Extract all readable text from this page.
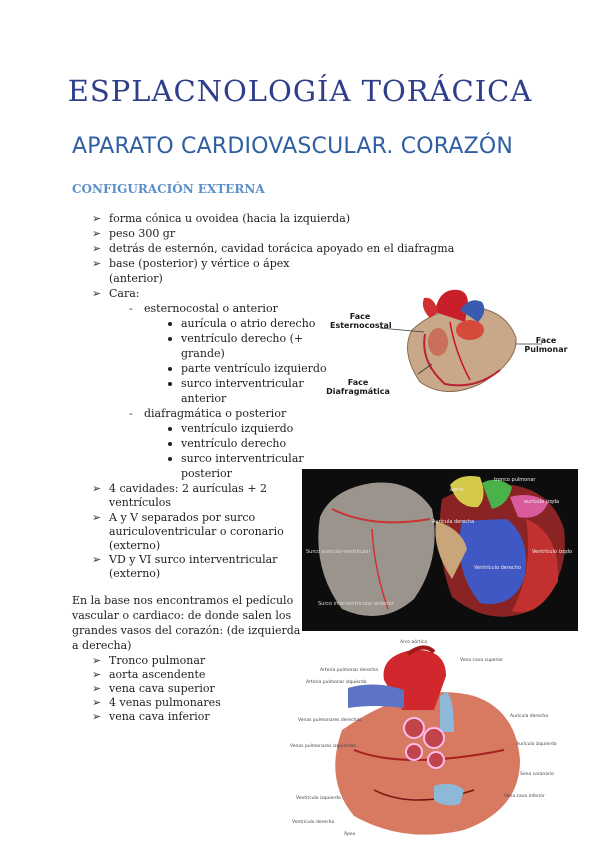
ESPLACNOLOGÍA TORÁCICA
APARATO CARDIOVASCULAR. CORAZÓN
CONFIGURACIÓN EXTERNA
➢ forma cónica u ovoidea (hacia la izquierda)
➢ peso 300 gr
➢ detrás de esternón, cavidad torácica apoyado en el diafragma
➢ base (posterior) y vértice o ápex
(anterior)
➢ Cara:
- esternocostal o anterior
aurícula o atrio derecho
ventrículo derecho (+
grande)
parte ventrículo izquierdo
surco interventricular
anterior
- diafragmática o posterior
ventrículo izquierdo
ventrículo derecho
surco interventricular
posterior
➢ 4 cavidades: 2 aurículas + 2
ventrículos
➢ A y V separados por surco
auriculoventricular o coronario
(externo)
➢ VD y VI surco interventricular
(externo)
En la base nos encontramos el pedículo
vascular o cardiaco: de donde salen los
grandes vasos del corazón: (de izquierda
a derecha)
➢ Tronco pulmonar
➢ aorta ascendente
➢ vena cava superior
➢ 4 venas pulmonares
➢ vena cava inferior
Face
Esternocostal
Face
Pulmonar
Face
Diafragmática
aorta
tronco pulmonar
aurícula izqda
Aurícula derecha
Ventrículo derecho
Ventrículo izqdo
Surco auriculo-ventricular
Surco interventricular anterior
Arco aórtico
Vena cava superior
Arteria pulmonar derecha
Venas pulmonares derechas
Aurícula derecha
Vena cava inferior
Ventrículo derecho
Ápex
Arteria pulmonar izquierda
Venas pulmonares izquierdas	Aurícula izquierda
Ventrículo izquierdo
Seno coronario
